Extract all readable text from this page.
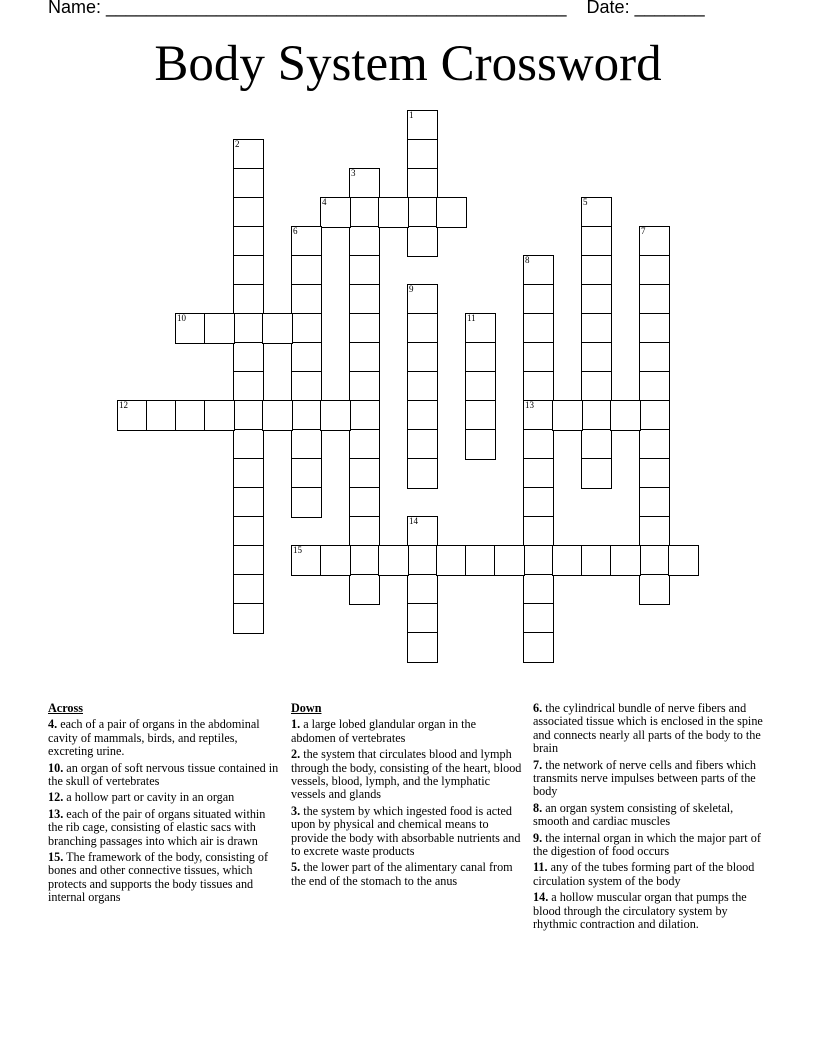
Name: ______________________________________________ Date: _______
Body System Crossword
1
2
3
4	5
6	7
8
13
9
10	11
12
14
15
Across
4. each of a pair of organs in the abdominal cavity of mammals, birds, and reptiles, excreting urine.
10. an organ of soft nervous tissue contained in the skull of vertebrates
12. a hollow part or cavity in an organ
13. each of the pair of organs situated within the rib cage, consisting of elastic sacs with branching passages into which air is drawn
15. The framework of the body, consisting of bones and other connective tissues, which protects and supports the body tissues and internal organs
Down
1. a large lobed glandular organ in the abdomen of vertebrates
2. the system that circulates blood and lymph through the body, consisting of the heart, blood vessels, blood, lymph, and the lymphatic vessels and glands
3. the system by which ingested food is acted upon by physical and chemical means to provide the body with absorbable nutrients and to excrete waste products
5. the lower part of the alimentary canal from the end of the stomach to the anus
6. the cylindrical bundle of nerve fibers and associated tissue which is enclosed in the spine and connects nearly all parts of the body to the brain
7. the network of nerve cells and fibers which transmits nerve impulses between parts of the body
8. an organ system consisting of skeletal, smooth and cardiac muscles
9. the internal organ in which the major part of the digestion of food occurs
11. any of the tubes forming part of the blood circulation system of the body
14. a hollow muscular organ that pumps the blood through the circulatory system by rhythmic contraction and dilation.
